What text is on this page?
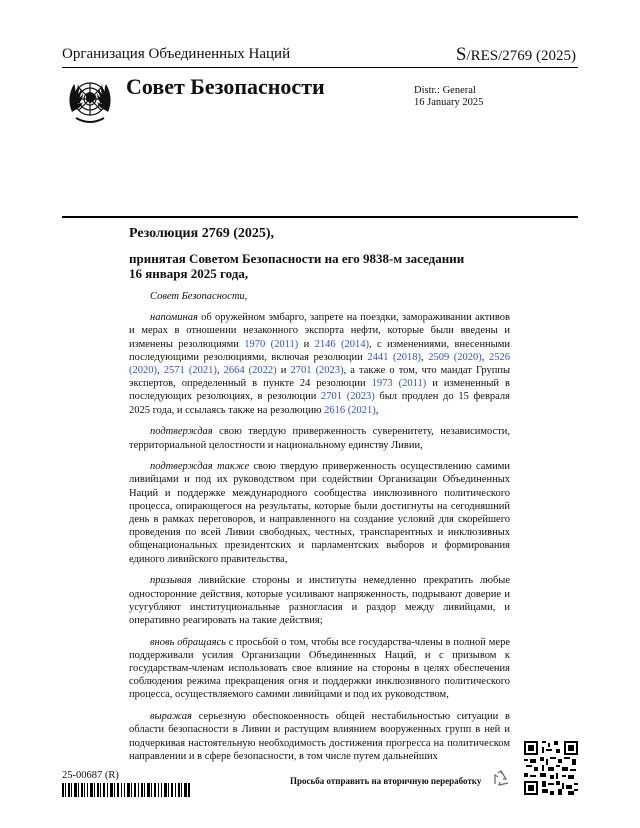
Организация Объединенных Наций	S/RES/2769 (2025)
Совет Безопасности	Distr.: General
16 January 2025
Резолюция 2769 (2025),
принятая Советом Безопасности на его 9838-м заседании
16 января 2025 года,

Совет Безопасности,

напоминая об оружейном эмбарго, запрете на поездки, замораживании активов и мерах в отношении незаконного экспорта нефти, которые были введены и изменены резолюциями 1970 (2011) и 2146 (2014), с изменениями, внесенными последующими резолюциями, включая резолюции 2441 (2018), 2509 (2020), 2526 (2020), 2571 (2021), 2664 (2022) и 2701 (2023), а также о том, что мандат Группы экспертов, определенный в пункте 24 резолюции 1973 (2011) и измененный в последующих резолюциях, в резолюции 2701 (2023) был продлен до 15 февраля 2025 года, и ссылаясь также на резолюцию 2616 (2021),

подтверждая свою твердую приверженность суверенитету, независимости, территориальной целостности и национальному единству Ливии,

подтверждая также свою твердую приверженность осуществлению самими ливийцами и под их руководством при содействии Организации Объединенных Наций и поддержке международного сообщества инклюзивного политического процесса, опирающегося на результаты, которые были достигнуты на сегодняшний день в рамках переговоров, и направленного на создание условий для скорейшего проведения по всей Ливии свободных, честных, транспарентных и инклюзивных общенациональных президентских и парламентских выборов и формирования единого ливийского правительства,

призывая ливийские стороны и институты немедленно прекратить любые односторонние действия, которые усиливают напряженность, подрывают доверие и усугубляют институциональные разногласия и раздор между ливийцами, и оперативно реагировать на такие действия;

вновь обращаясь с просьбой о том, чтобы все государства-члены в полной мере поддерживали усилия Организации Объединенных Наций, и с призывом к государствам-членам использовать свое влияние на стороны в целях обеспечения соблюдения режима прекращения огня и поддержки инклюзивного политического процесса, осуществляемого самими ливийцами и под их руководством,

выражая серьезную обеспокоенность общей нестабильностью ситуации в области безопасности в Ливии и растущим влиянием вооруженных групп в ней и подчеркивая настоятельную необходимость достижения прогресса на политическом направлении и в сфере безопасности, в том числе путем дальнейших

25-00687 (R)	Просьба отправить на вторичную переработку
